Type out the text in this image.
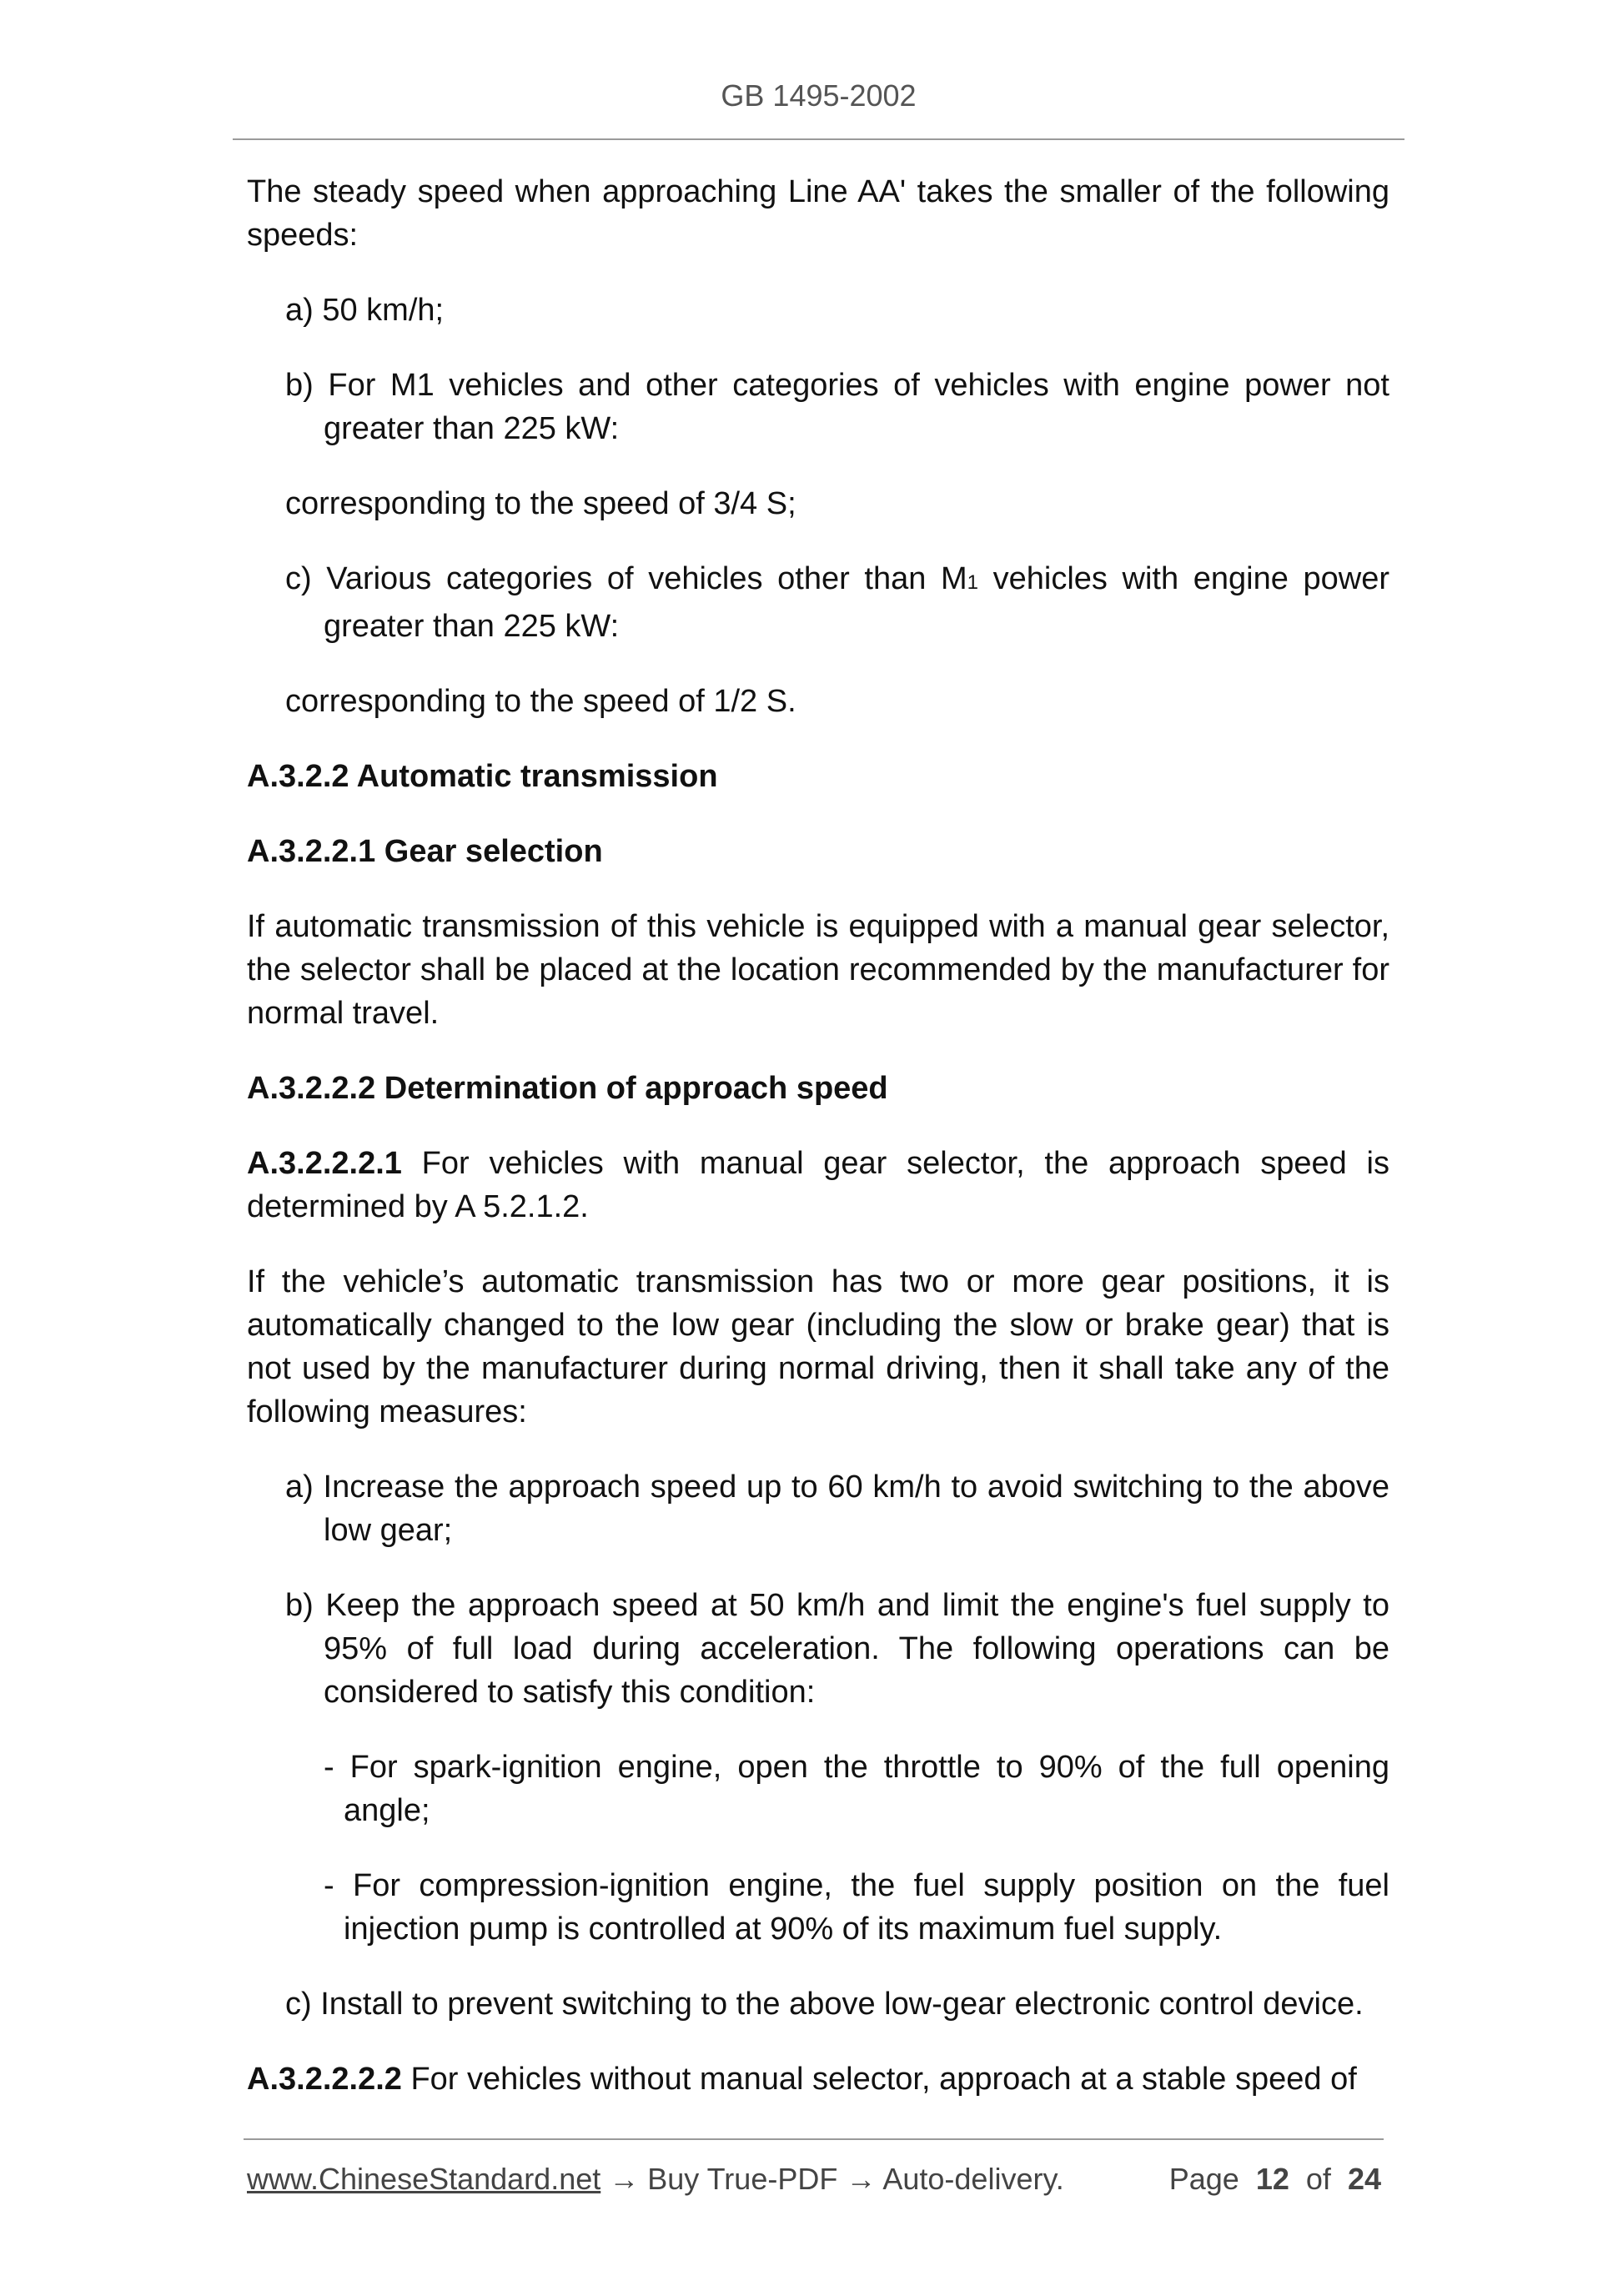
GB 1495-2002

The steady speed when approaching Line AA' takes the smaller of the following speeds:

a) 50 km/h;

b) For M1 vehicles and other categories of vehicles with engine power not greater than 225 kW:

corresponding to the speed of 3/4 S;

c) Various categories of vehicles other than M1 vehicles with engine power greater than 225 kW:

corresponding to the speed of 1/2 S.

A.3.2.2 Automatic transmission

A.3.2.2.1 Gear selection

If automatic transmission of this vehicle is equipped with a manual gear selector, the selector shall be placed at the location recommended by the manufacturer for normal travel.

A.3.2.2.2 Determination of approach speed

A.3.2.2.2.1 For vehicles with manual gear selector, the approach speed is determined by A 5.2.1.2.

If the vehicle’s automatic transmission has two or more gear positions, it is automatically changed to the low gear (including the slow or brake gear) that is not used by the manufacturer during normal driving, then it shall take any of the following measures:

a) Increase the approach speed up to 60 km/h to avoid switching to the above low gear;

b) Keep the approach speed at 50 km/h and limit the engine's fuel supply to 95% of full load during acceleration. The following operations can be considered to satisfy this condition:

- For spark-ignition engine, open the throttle to 90% of the full opening angle;

- For compression-ignition engine, the fuel supply position on the fuel injection pump is controlled at 90% of its maximum fuel supply.

c) Install to prevent switching to the above low-gear electronic control device.

A.3.2.2.2.2 For vehicles without manual selector, approach at a stable speed of

www.ChineseStandard.net → Buy True-PDF → Auto-delivery.	Page 12 of 24
